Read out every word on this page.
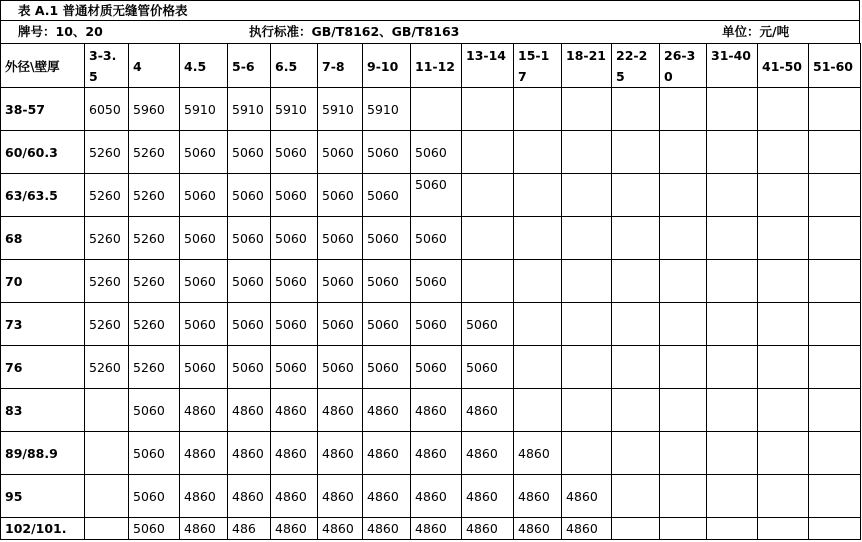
表 A.1 普通材质无缝管价格表
牌号：10、20	执行标准：GB/T8162、GB/T8163	单位：元/吨
外径\壁厚	3-3.5	4	4.5	5-6	6.5	7-8	9-10	11-12	13-14	15-17	18-21	22-25	26-30	31-40	41-50	51-60
38-57	6050	5960	5910	5910	5910	5910	5910									
60/60.3	5260	5260	5060	5060	5060	5060	5060	5060								
63/63.5	5260	5260	5060	5060	5060	5060	5060	5060								
68	5260	5260	5060	5060	5060	5060	5060	5060								
70	5260	5260	5060	5060	5060	5060	5060	5060								
73	5260	5260	5060	5060	5060	5060	5060	5060	5060							
76	5260	5260	5060	5060	5060	5060	5060	5060	5060							
83		5060	4860	4860	4860	4860	4860	4860	4860							
89/88.9		5060	4860	4860	4860	4860	4860	4860	4860	4860						
95		5060	4860	4860	4860	4860	4860	4860	4860	4860	4860					
102/101.		5060	4860	486	4860	4860	4860	4860	4860	4860	4860					
